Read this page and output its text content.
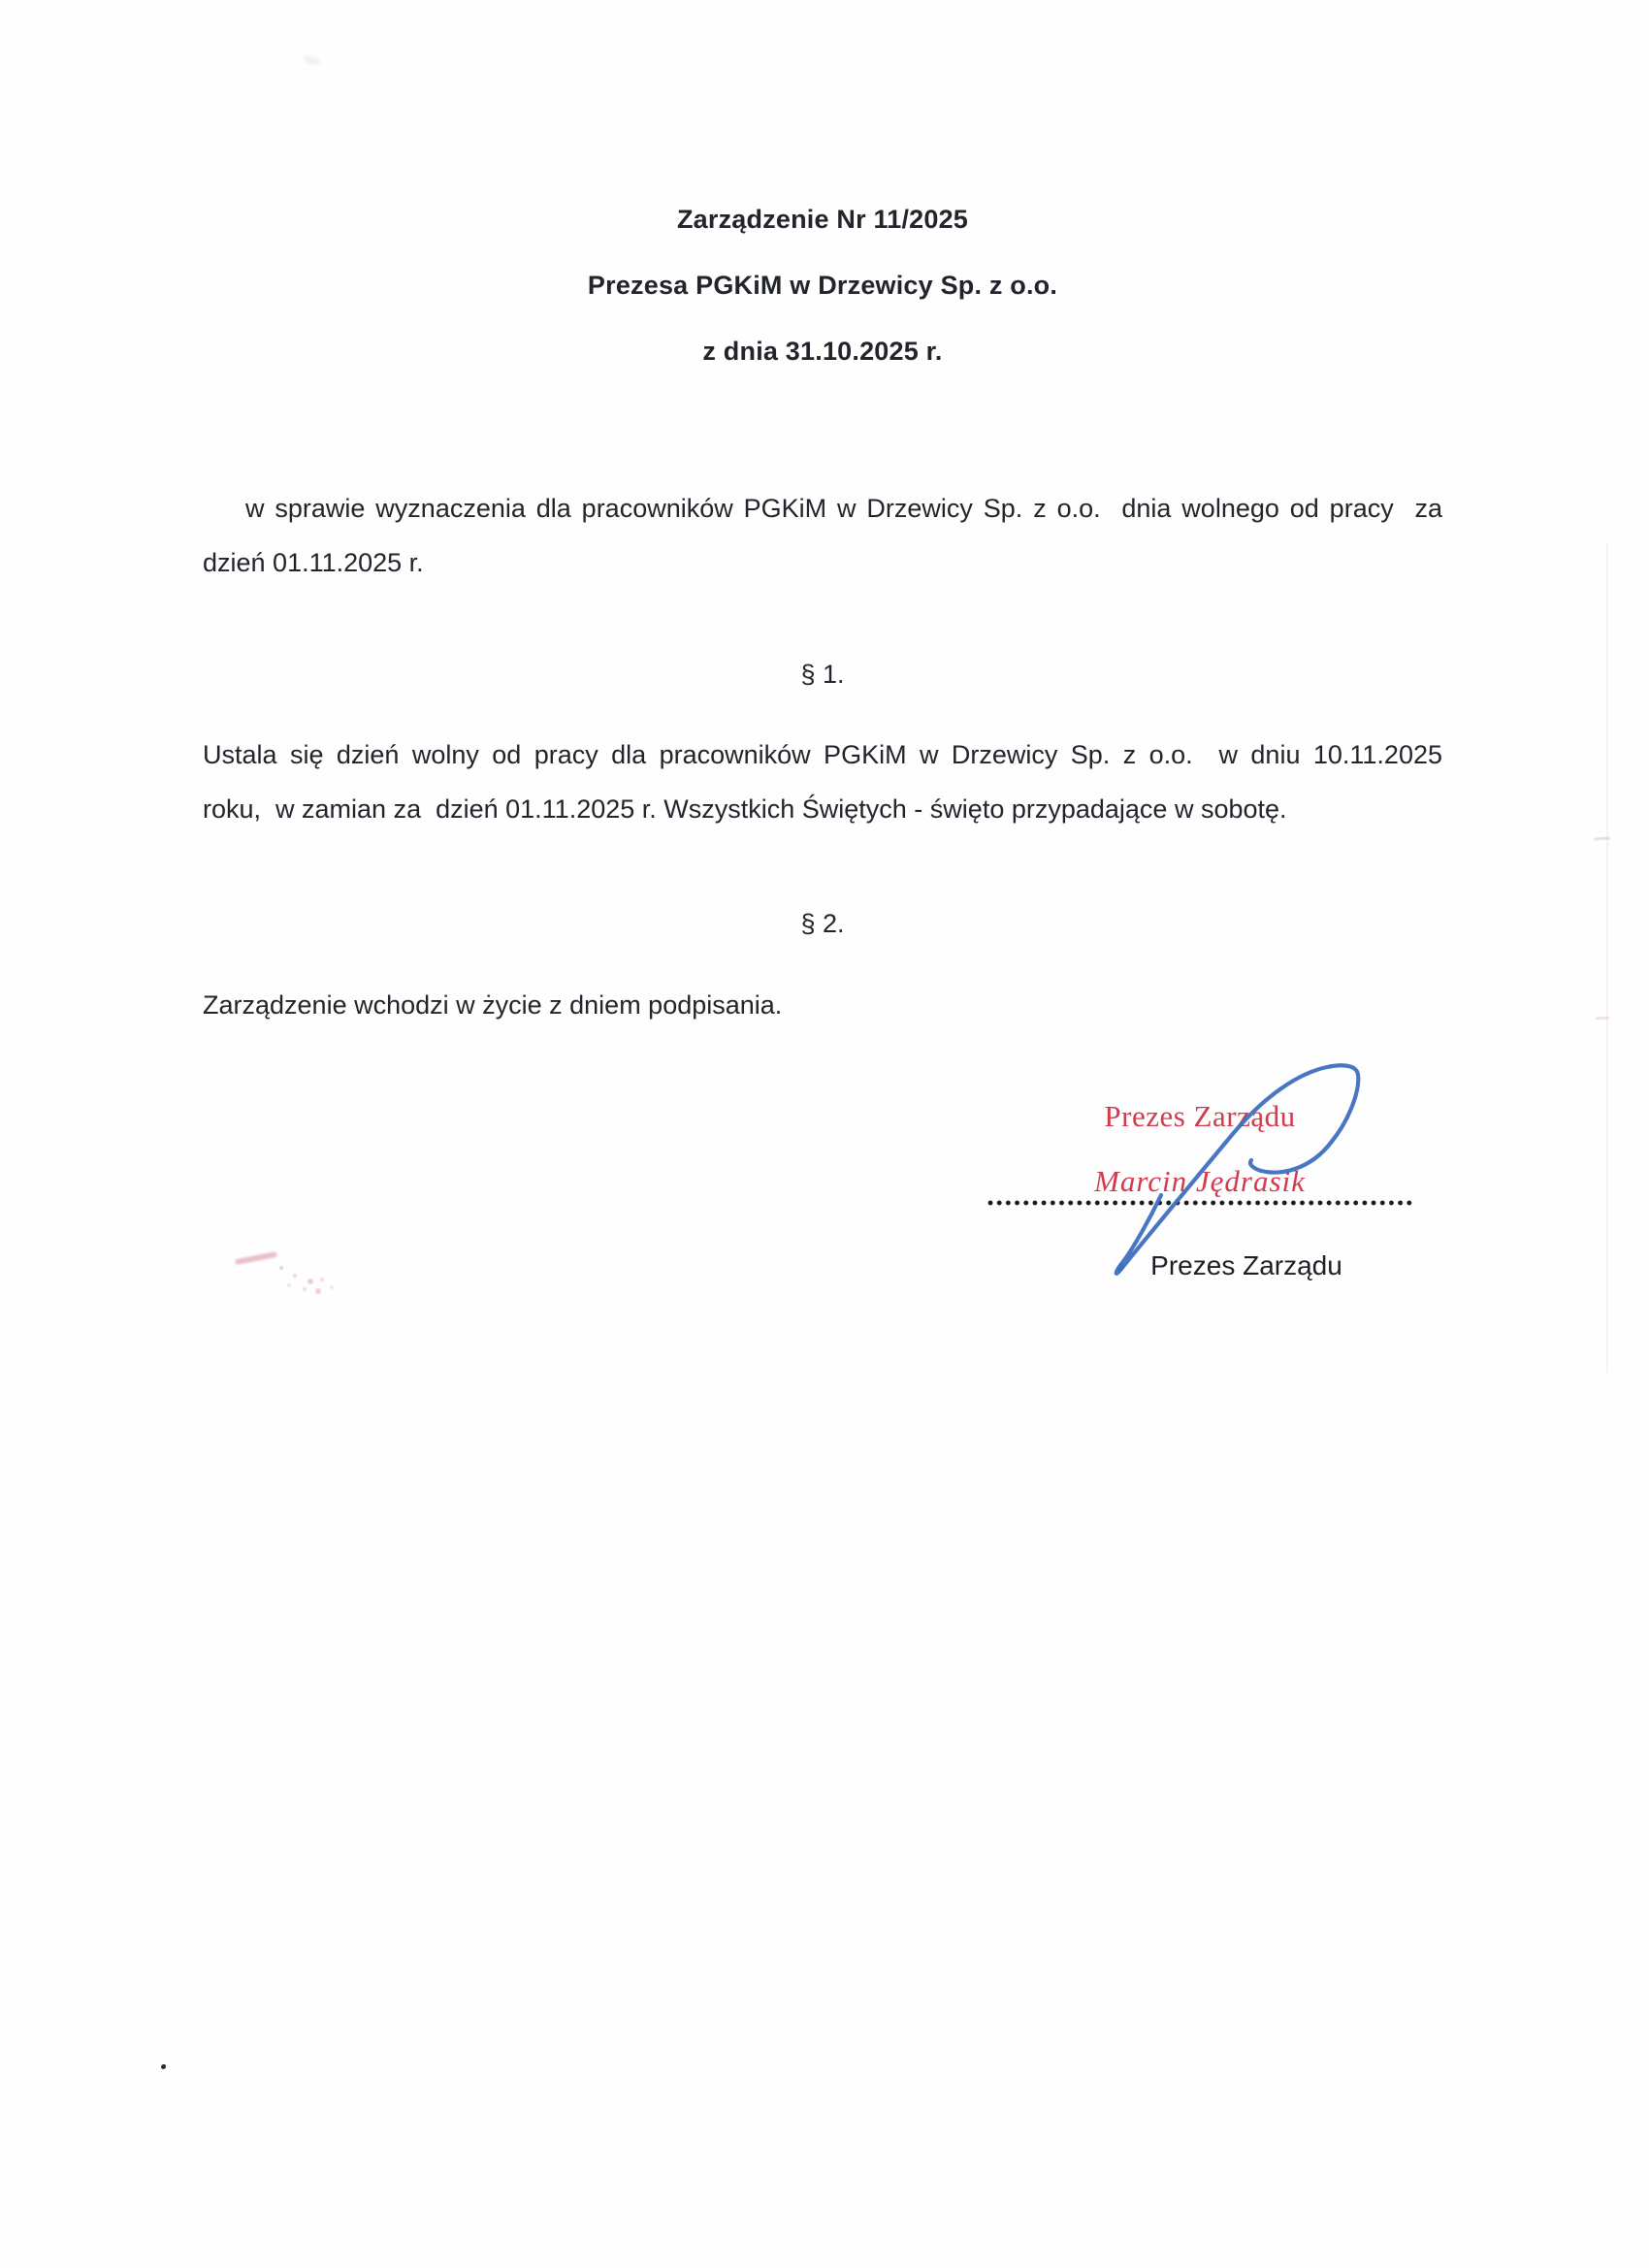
Zarządzenie Nr 11/2025
Prezesa PGKiM w Drzewicy Sp. z o.o.
z dnia 31.10.2025 r.
w sprawie wyznaczenia dla pracowników PGKiM w Drzewicy Sp. z o.o.  dnia wolnego od pracy  za
dzień 01.11.2025 r.
§ 1.
Ustala się dzień wolny od pracy dla pracowników PGKiM w Drzewicy Sp. z o.o.  w dniu 10.11.2025
roku,  w zamian za  dzień 01.11.2025 r. Wszystkich Świętych - święto przypadające w sobotę.
§ 2.
Zarządzenie wchodzi w życie z dniem podpisania.
Prezes Zarządu
Marcin Jędrasik
Prezes Zarządu
